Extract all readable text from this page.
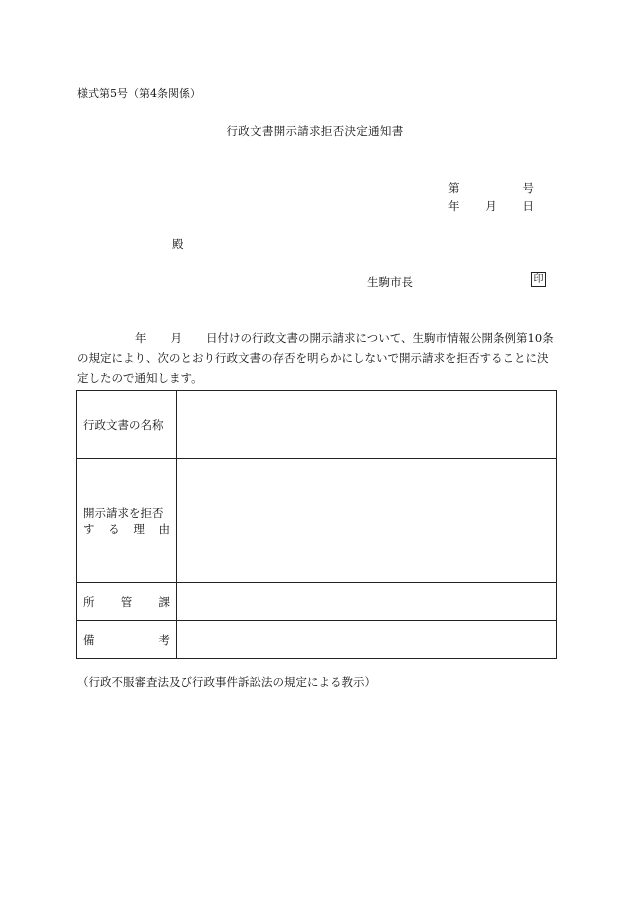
様式第5号（第4条関係）
行政文書開示請求拒否決定通知書
第	号
年 月 日
殿
生駒市長	印
年 月 日付けの行政文書の開示請求について、生駒市情報公開条例第10条の規定により、次のとおり行政文書の存否を明らかにしないで開示請求を拒否することに決定したので通知します。
行政文書の名称	

開示請求を拒否
す る 理 由	

所 管 課	

備 考	

（行政不服審査法及び行政事件訴訟法の規定による教示）
